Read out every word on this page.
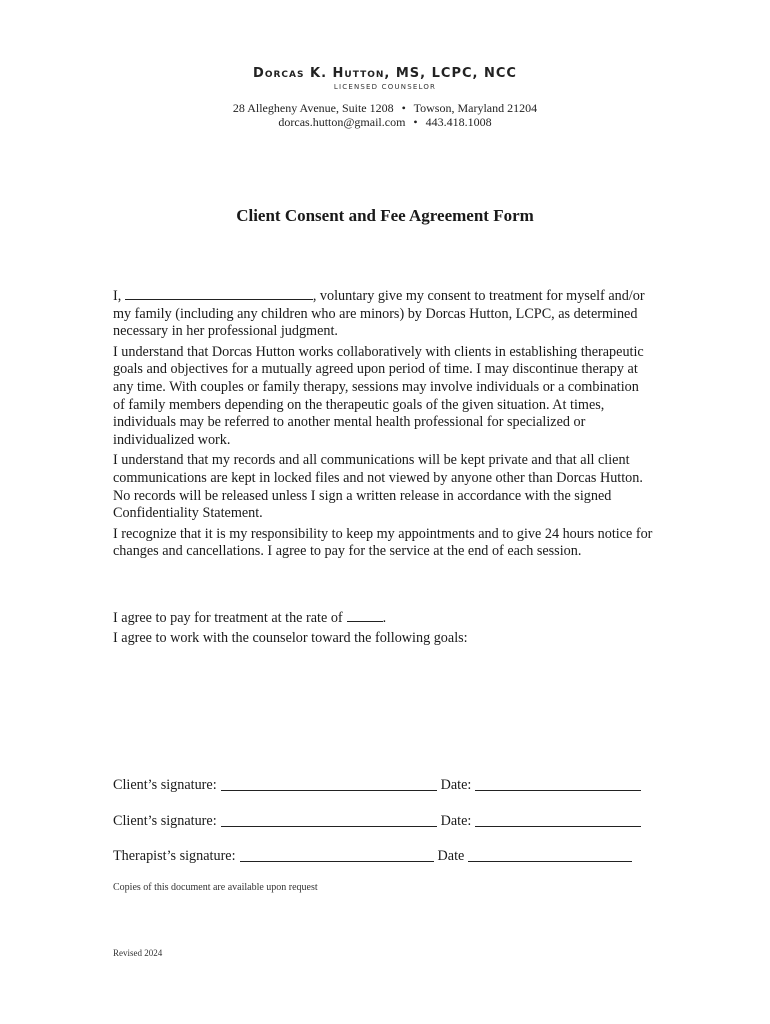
Dorcas K. Hutton, MS, LCPC, NCC
LICENSED COUNSELOR
28 Allegheny Avenue, Suite 1208 • Towson, Maryland 21204
dorcas.hutton@gmail.com • 443.418.1008
Client Consent and Fee Agreement Form

I,	, voluntary give my consent to treatment for myself and/or my family (including any children who are minors) by Dorcas Hutton, LCPC, as determined necessary in her professional judgment.

I understand that Dorcas Hutton works collaboratively with clients in establishing therapeutic goals and objectives for a mutually agreed upon period of time. I may discontinue therapy at any time. With couples or family therapy, sessions may involve individuals or a combination of family members depending on the therapeutic goals of the given situation. At times, individuals may be referred to another mental health professional for specialized or individualized work.

I understand that my records and all communications will be kept private and that all client communications are kept in locked files and not viewed by anyone other than Dorcas Hutton. No records will be released unless I sign a written release in accordance with the signed Confidentiality Statement.

I recognize that it is my responsibility to keep my appointments and to give 24 hours notice for changes and cancellations. I agree to pay for the service at the end of each session.

I agree to pay for treatment at the rate of	.
I agree to work with the counselor toward the following goals:
Client’s signature:	Date:
Client’s signature:	Date:
Therapist’s signature:	Date
Copies of this document are available upon request
Revised 2024
